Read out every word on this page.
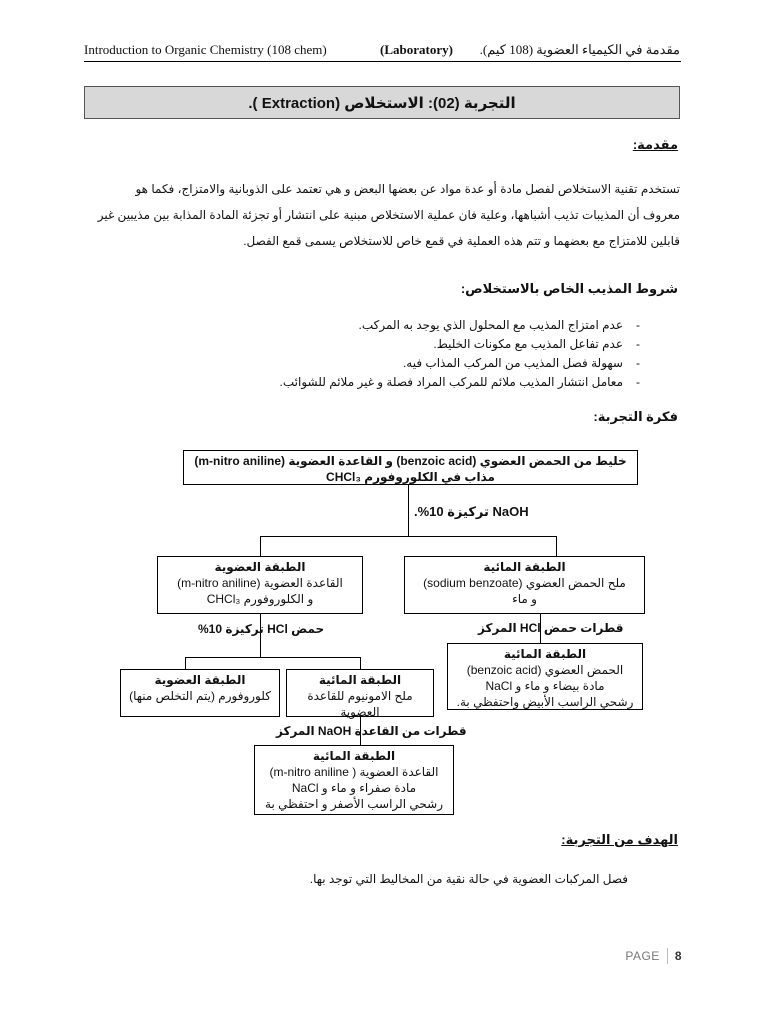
Introduction to Organic Chemistry (108 chem)	(Laboratory) مقدمة في الكيمياء العضوية (108 كيم).
التجربة (02): الاستخلاص (Extraction ).
مقدمة:
تستخدم تقنية الاستخلاص لفصل مادة أو عدة مواد عن بعضها البعض و هي تعتمد على الذوبانية والامتزاج، فكما هو
معروف أن المذيبات تذيب أشباهها، وعلية فان عملية الاستخلاص مبنية على انتشار أو تجزئة المادة المذابة بين مذيبين غير
قابلين للامتزاج مع بعضهما و تتم هذه العملية في قمع خاص للاستخلاص يسمى قمع الفصل.
شروط المذيب الخاص بالاستخلاص:
-
عدم امتزاج المذيب مع المحلول الذي يوجد به المركب.
-
عدم تفاعل المذيب مع مكونات الخليط.
-
سهولة فصل المذيب من المركب المذاب فيه.
-
معامل انتشار المذيب ملائم للمركب المراد فصلة و غير ملائم للشوائب.
فكرة التجربة:
خليط من الحمض العضوي (benzoic acid) و القاعدة العضوية (m-nitro aniline)
مذاب في الكلوروفورم CHCl₃
NaOH تركيزة 10%.
الطبقة العضوية
القاعدة العضوية (m-nitro aniline)
و الكلوروفورم CHCl₃
الطبقة المائية
ملح الحمض العضوي (sodium benzoate)
و ماء
حمض HCl تركيزة 10%
الطبقة العضوية
كلوروفورم (يتم التخلص منها)
الطبقة المائية
ملح الامونيوم للقاعدة
العضوية
قطرات حمض HCl المركز
الطبقة المائية
الحمض العضوي (benzoic acid)
مادة بيضاء و ماء و NaCl
رشحي الراسب الأبيض واحتفظي بة.
قطرات من القاعدة NaOH المركز
الطبقة المائية
القاعدة العضوية ( m-nitro aniline)
مادة صفراء و ماء و NaCl
رشحي الراسب الأصفر و احتفظي بة
الهدف من التجربة:
فصل المركبات العضوية في حالة نقية من المخاليط التي توجد بها.
PAGE 8
